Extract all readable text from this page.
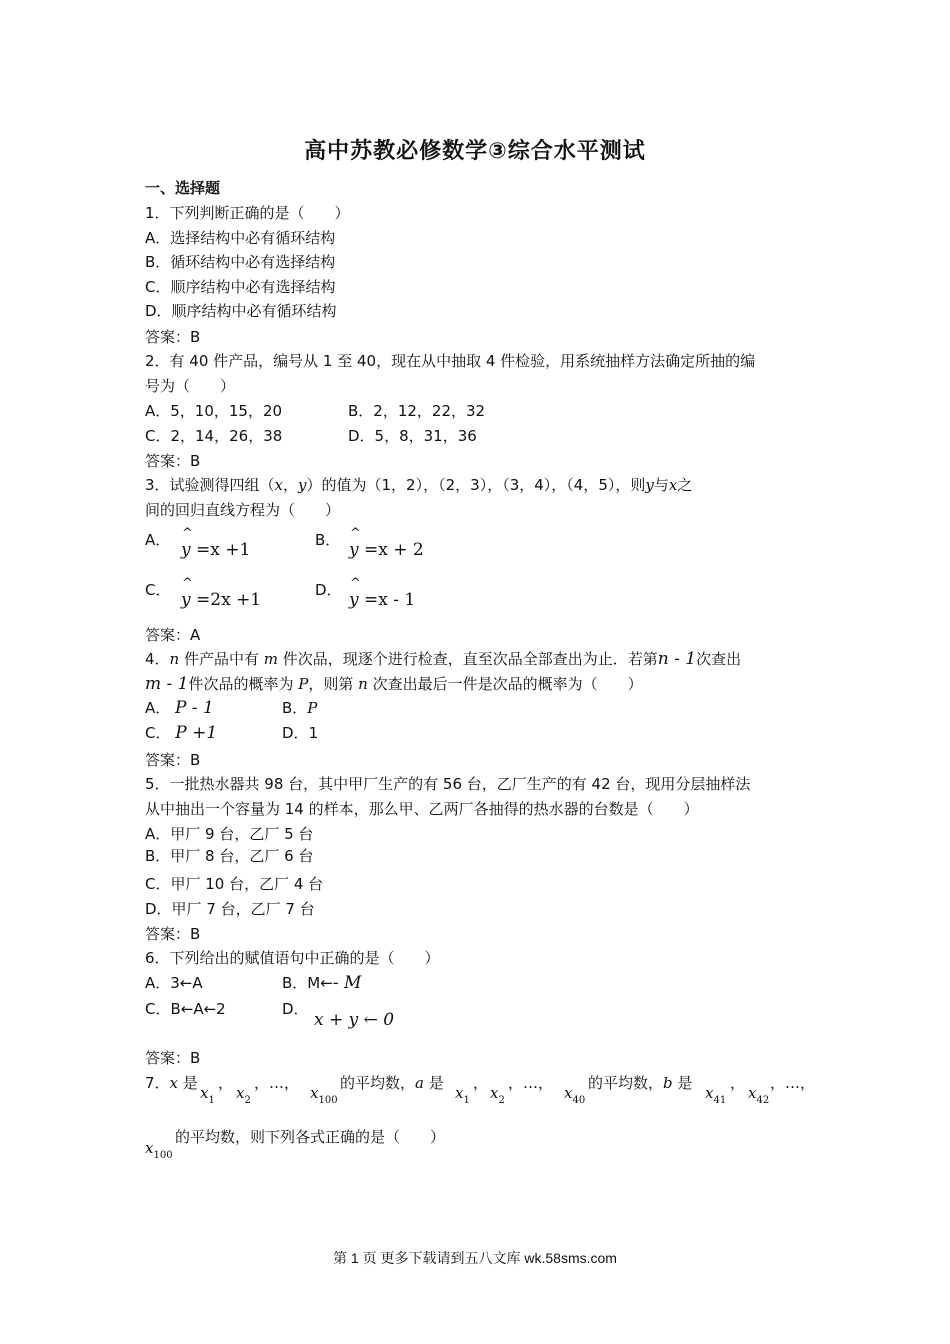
高中苏教必修数学③综合水平测试
一、选择题
1．下列判断正确的是（　　）
A．选择结构中必有循环结构
B．循环结构中必有选择结构
C．顺序结构中必有选择结构
D．顺序结构中必有循环结构
答案：B
2．有 40 件产品，编号从 1 至 40，现在从中抽取 4 件检验，用系统抽样方法确定所抽的编
号为（　　）
A．5，10，15，20	B．2，12，22，32
C．2，14，26，38	D．5，8，31，36
答案：B
3．试验测得四组（x，y）的值为（1，2），（2，3），（3，4），（4，5），则y与x之
间的回归直线方程为（　　）
A． ^ y =x +1	B． ^ y =x + 2
C． ^ y =2x +1	D． ^ y =x - 1
答案：A
4．n 件产品中有 m 件次品，现逐个进行检查，直至次品全部查出为止．若第n - 1次查出
m - 1件次品的概率为 P，则第 n 次查出最后一件是次品的概率为（　　）
A． P - 1	B．P
C． P +1	D．1
答案：B
5．一批热水器共 98 台，其中甲厂生产的有 56 台，乙厂生产的有 42 台，现用分层抽样法
从中抽出一个容量为 14 的样本，那么甲、乙两厂各抽得的热水器的台数是（　　）
A．甲厂 9 台，乙厂 5 台
B．甲厂 8 台，乙厂 6 台
C．甲厂 10 台，乙厂 4 台
D．甲厂 7 台，乙厂 7 台
答案：B
6．下列给出的赋值语句中正确的是（　　）
A．3←A	B．M←- M
C．B←A←2	D．
x + y ← 0
答案：B
7．x 是
$x_1$
，
$x_2$
，…，
$x_{100}$
的平均数，a 是
$x_1$
，
$x_2$
，…，
$x_{40}$
的平均数，b 是
$x_{41}$
，
$x_{42}$
，…，
$x_{100}$
的平均数，则下列各式正确的是（　　）
第 1 页 更多下载请到五八文库 wk.58sms.com
